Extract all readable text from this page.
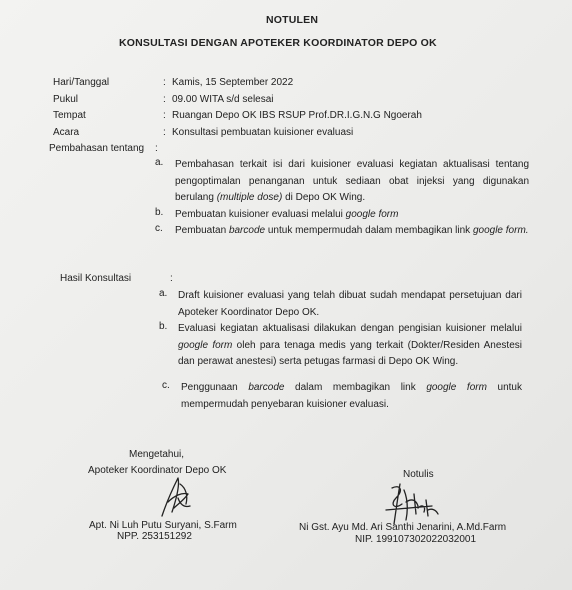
NOTULEN
KONSULTASI DENGAN APOTEKER KOORDINATOR DEPO OK
Hari/Tanggal	: Kamis, 15 September 2022
Pukul	: 09.00 WITA s/d selesai
Tempat	: Ruangan Depo OK IBS RSUP Prof.DR.I.G.N.G Ngoerah
Acara	: Konsultasi pembuatan kuisioner evaluasi
Pembahasan tentang :
a. Pembahasan terkait isi dari kuisioner evaluasi kegiatan aktualisasi tentang pengoptimalan penanganan untuk sediaan obat injeksi yang digunakan berulang (multiple dose) di Depo OK Wing.
b. Pembuatan kuisioner evaluasi melalui google form
c. Pembuatan barcode untuk mempermudah dalam membagikan link google form.
Hasil Konsultasi	:
a. Draft kuisioner evaluasi yang telah dibuat sudah mendapat persetujuan dari Apoteker Koordinator Depo OK.
b. Evaluasi kegiatan aktualisasi dilakukan dengan pengisian kuisioner melalui google form oleh para tenaga medis yang terkait (Dokter/Residen Anestesi dan perawat anestesi) serta petugas farmasi di Depo OK Wing.
c. Penggunaan barcode dalam membagikan link google form untuk mempermudah penyebaran kuisioner evaluasi.
Mengetahui,
Apoteker Koordinator Depo OK
Apt. Ni Luh Putu Suryani, S.Farm
NPP. 253151292
Notulis
Ni Gst. Ayu Md. Ari Santhi Jenarini, A.Md.Farm
NIP. 199107302022032001
